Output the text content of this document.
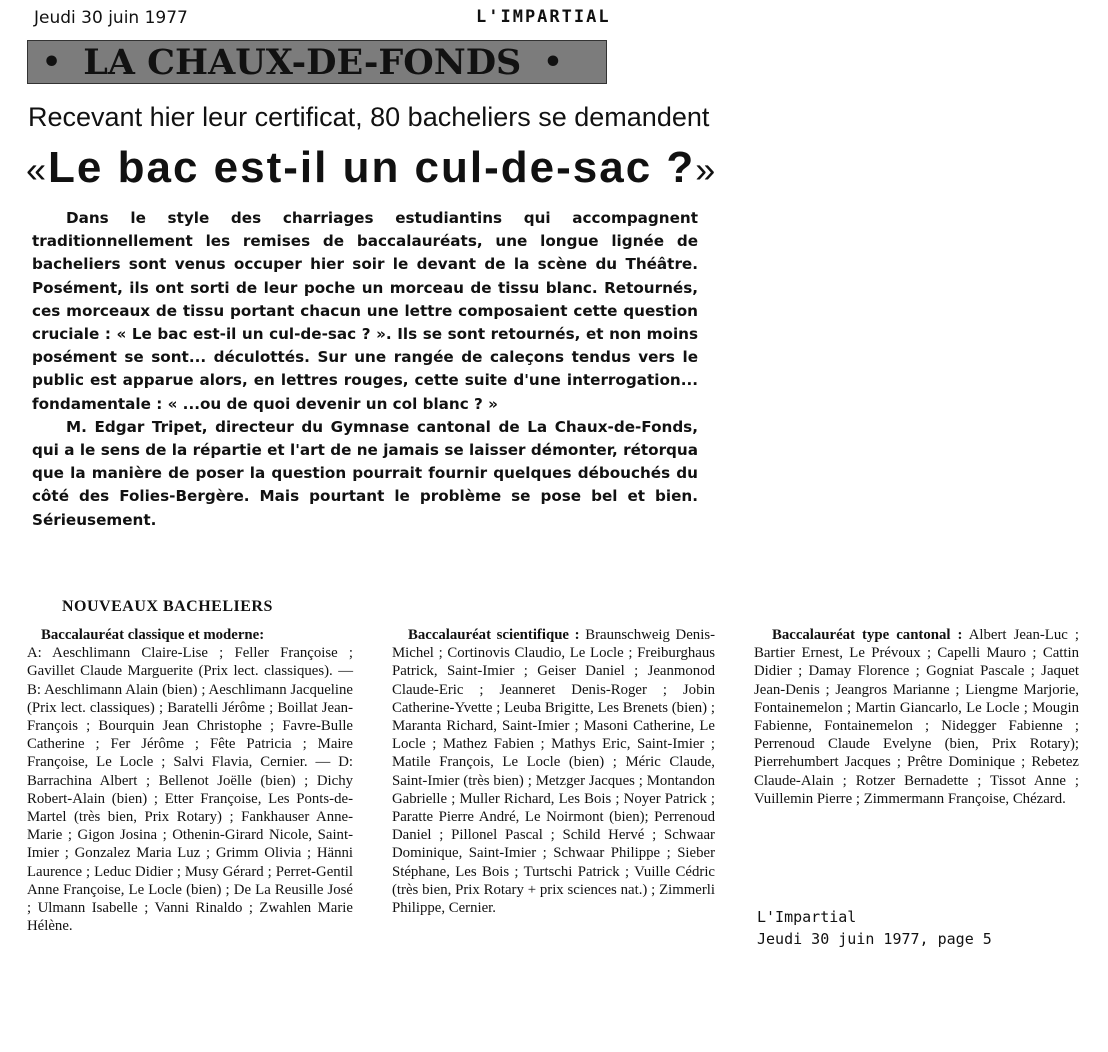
Jeudi 30 juin 1977	L'IMPARTIAL
• LA CHAUX-DE-FONDS •
Recevant hier leur certificat, 80 bacheliers se demandent
«Le bac est-il un cul-de-sac ?»

Dans le style des charriages estudiantins qui accompagnent traditionnellement les remises de baccalauréats, une longue lignée de bacheliers sont venus occuper hier soir le devant de la scène du Théâtre. Posément, ils ont sorti de leur poche un morceau de tissu blanc. Retournés, ces morceaux de tissu portant chacun une lettre composaient cette question cruciale : « Le bac est-il un cul-de-sac ? ». Ils se sont retournés, et non moins posément se sont... déculottés. Sur une rangée de caleçons tendus vers le public est apparue alors, en lettres rouges, cette suite d'une interrogation... fondamentale : « ...ou de quoi devenir un col blanc ? »

M. Edgar Tripet, directeur du Gymnase cantonal de La Chaux-de-Fonds, qui a le sens de la répartie et l'art de ne jamais se laisser démonter, rétorqua que la manière de poser la question pourrait fournir quelques débouchés du côté des Folies-Bergère. Mais pourtant le problème se pose bel et bien. Sérieusement.

NOUVEAUX BACHELIERS
Baccalauréat classique et moderne:
A: Aeschlimann Claire-Lise ; Feller Françoise ; Gavillet Claude Marguerite (Prix lect. classiques). — B: Aeschlimann Alain (bien) ; Aeschlimann Jacqueline (Prix lect. classiques) ; Baratelli Jérôme ; Boillat Jean-François ; Bourquin Jean Christophe ; Favre-Bulle Catherine ; Fer Jérôme ; Fête Patricia ; Maire Françoise, Le Locle ; Salvi Flavia, Cernier. — D: Barrachina Albert ; Bellenot Joëlle (bien) ; Dichy Robert-Alain (bien) ; Etter Françoise, Les Ponts-de-Martel (très bien, Prix Rotary) ; Fankhauser Anne-Marie ; Gigon Josina ; Othenin-Girard Nicole, Saint-Imier ; Gonzalez Maria Luz ; Grimm Olivia ; Hänni Laurence ; Leduc Didier ; Musy Gérard ; Perret-Gentil Anne Françoise, Le Locle (bien) ; De La Reusille José ; Ulmann Isabelle ; Vanni Rinaldo ; Zwahlen Marie Hélène.
Baccalauréat scientifique : Braunschweig Denis-Michel ; Cortinovis Claudio, Le Locle ; Freiburghaus Patrick, Saint-Imier ; Geiser Daniel ; Jeanmonod Claude-Eric ; Jeanneret Denis-Roger ; Jobin Catherine-Yvette ; Leuba Brigitte, Les Brenets (bien) ; Maranta Richard, Saint-Imier ; Masoni Catherine, Le Locle ; Mathez Fabien ; Mathys Eric, Saint-Imier ; Matile François, Le Locle (bien) ; Méric Claude, Saint-Imier (très bien) ; Metzger Jacques ; Montandon Gabrielle ; Muller Richard, Les Bois ; Noyer Patrick ; Paratte Pierre André, Le Noirmont (bien); Perrenoud Daniel ; Pillonel Pascal ; Schild Hervé ; Schwaar Dominique, Saint-Imier ; Schwaar Philippe ; Sieber Stéphane, Les Bois ; Turtschi Patrick ; Vuille Cédric (très bien, Prix Rotary + prix sciences nat.) ; Zimmerli Philippe, Cernier.
Baccalauréat type cantonal : Albert Jean-Luc ; Bartier Ernest, Le Prévoux ; Capelli Mauro ; Cattin Didier ; Damay Florence ; Gogniat Pascale ; Jaquet Jean-Denis ; Jeangros Marianne ; Liengme Marjorie, Fontainemelon ; Martin Giancarlo, Le Locle ; Mougin Fabienne, Fontainemelon ; Nidegger Fabienne ; Perrenoud Claude Evelyne (bien, Prix Rotary); Pierrehumbert Jacques ; Prêtre Dominique ; Rebetez Claude-Alain ; Rotzer Bernadette ; Tissot Anne ; Vuillemin Pierre ; Zimmermann Françoise, Chézard.
L'Impartial
Jeudi 30 juin 1977, page 5
